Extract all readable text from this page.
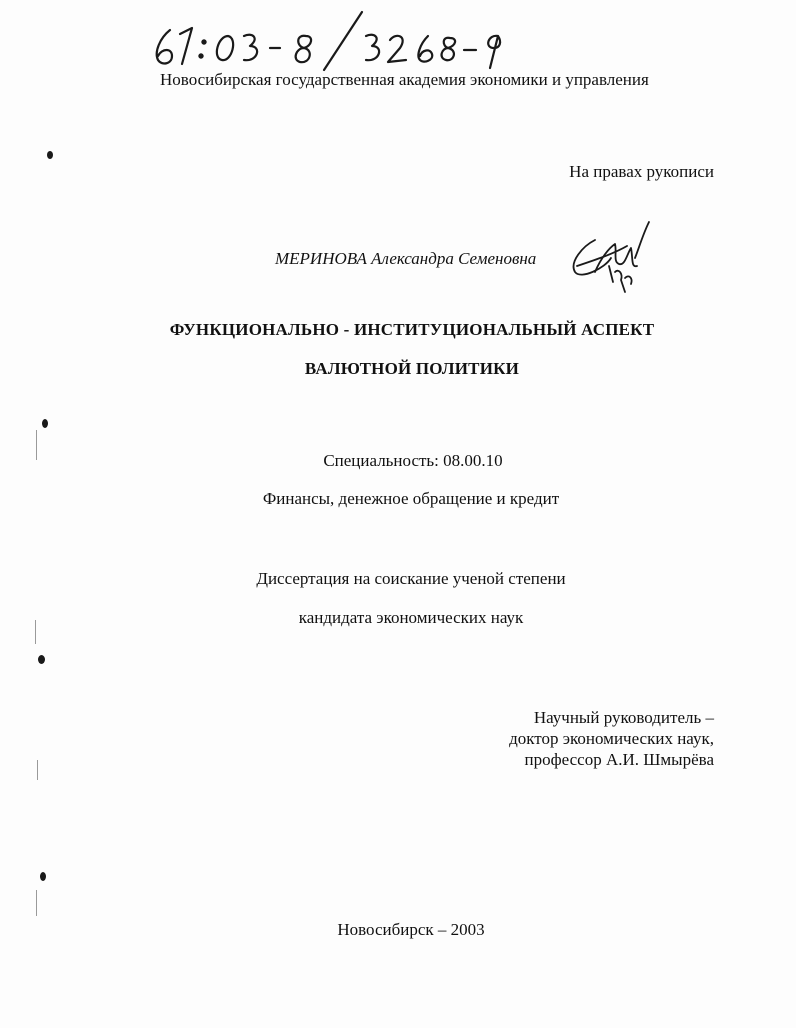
Новосибирская государственная академия экономики и управления
На правах рукописи
МЕРИНОВА Александра Семеновна
ФУНКЦИОНАЛЬНО - ИНСТИТУЦИОНАЛЬНЫЙ АСПЕКТ
ВАЛЮТНОЙ ПОЛИТИКИ
Специальность: 08.00.10
Финансы, денежное обращение и кредит
Диссертация на соискание ученой степени
кандидата экономических наук
Научный руководитель –
доктор экономических наук,
профессор А.И. Шмырёва
Новосибирск – 2003
